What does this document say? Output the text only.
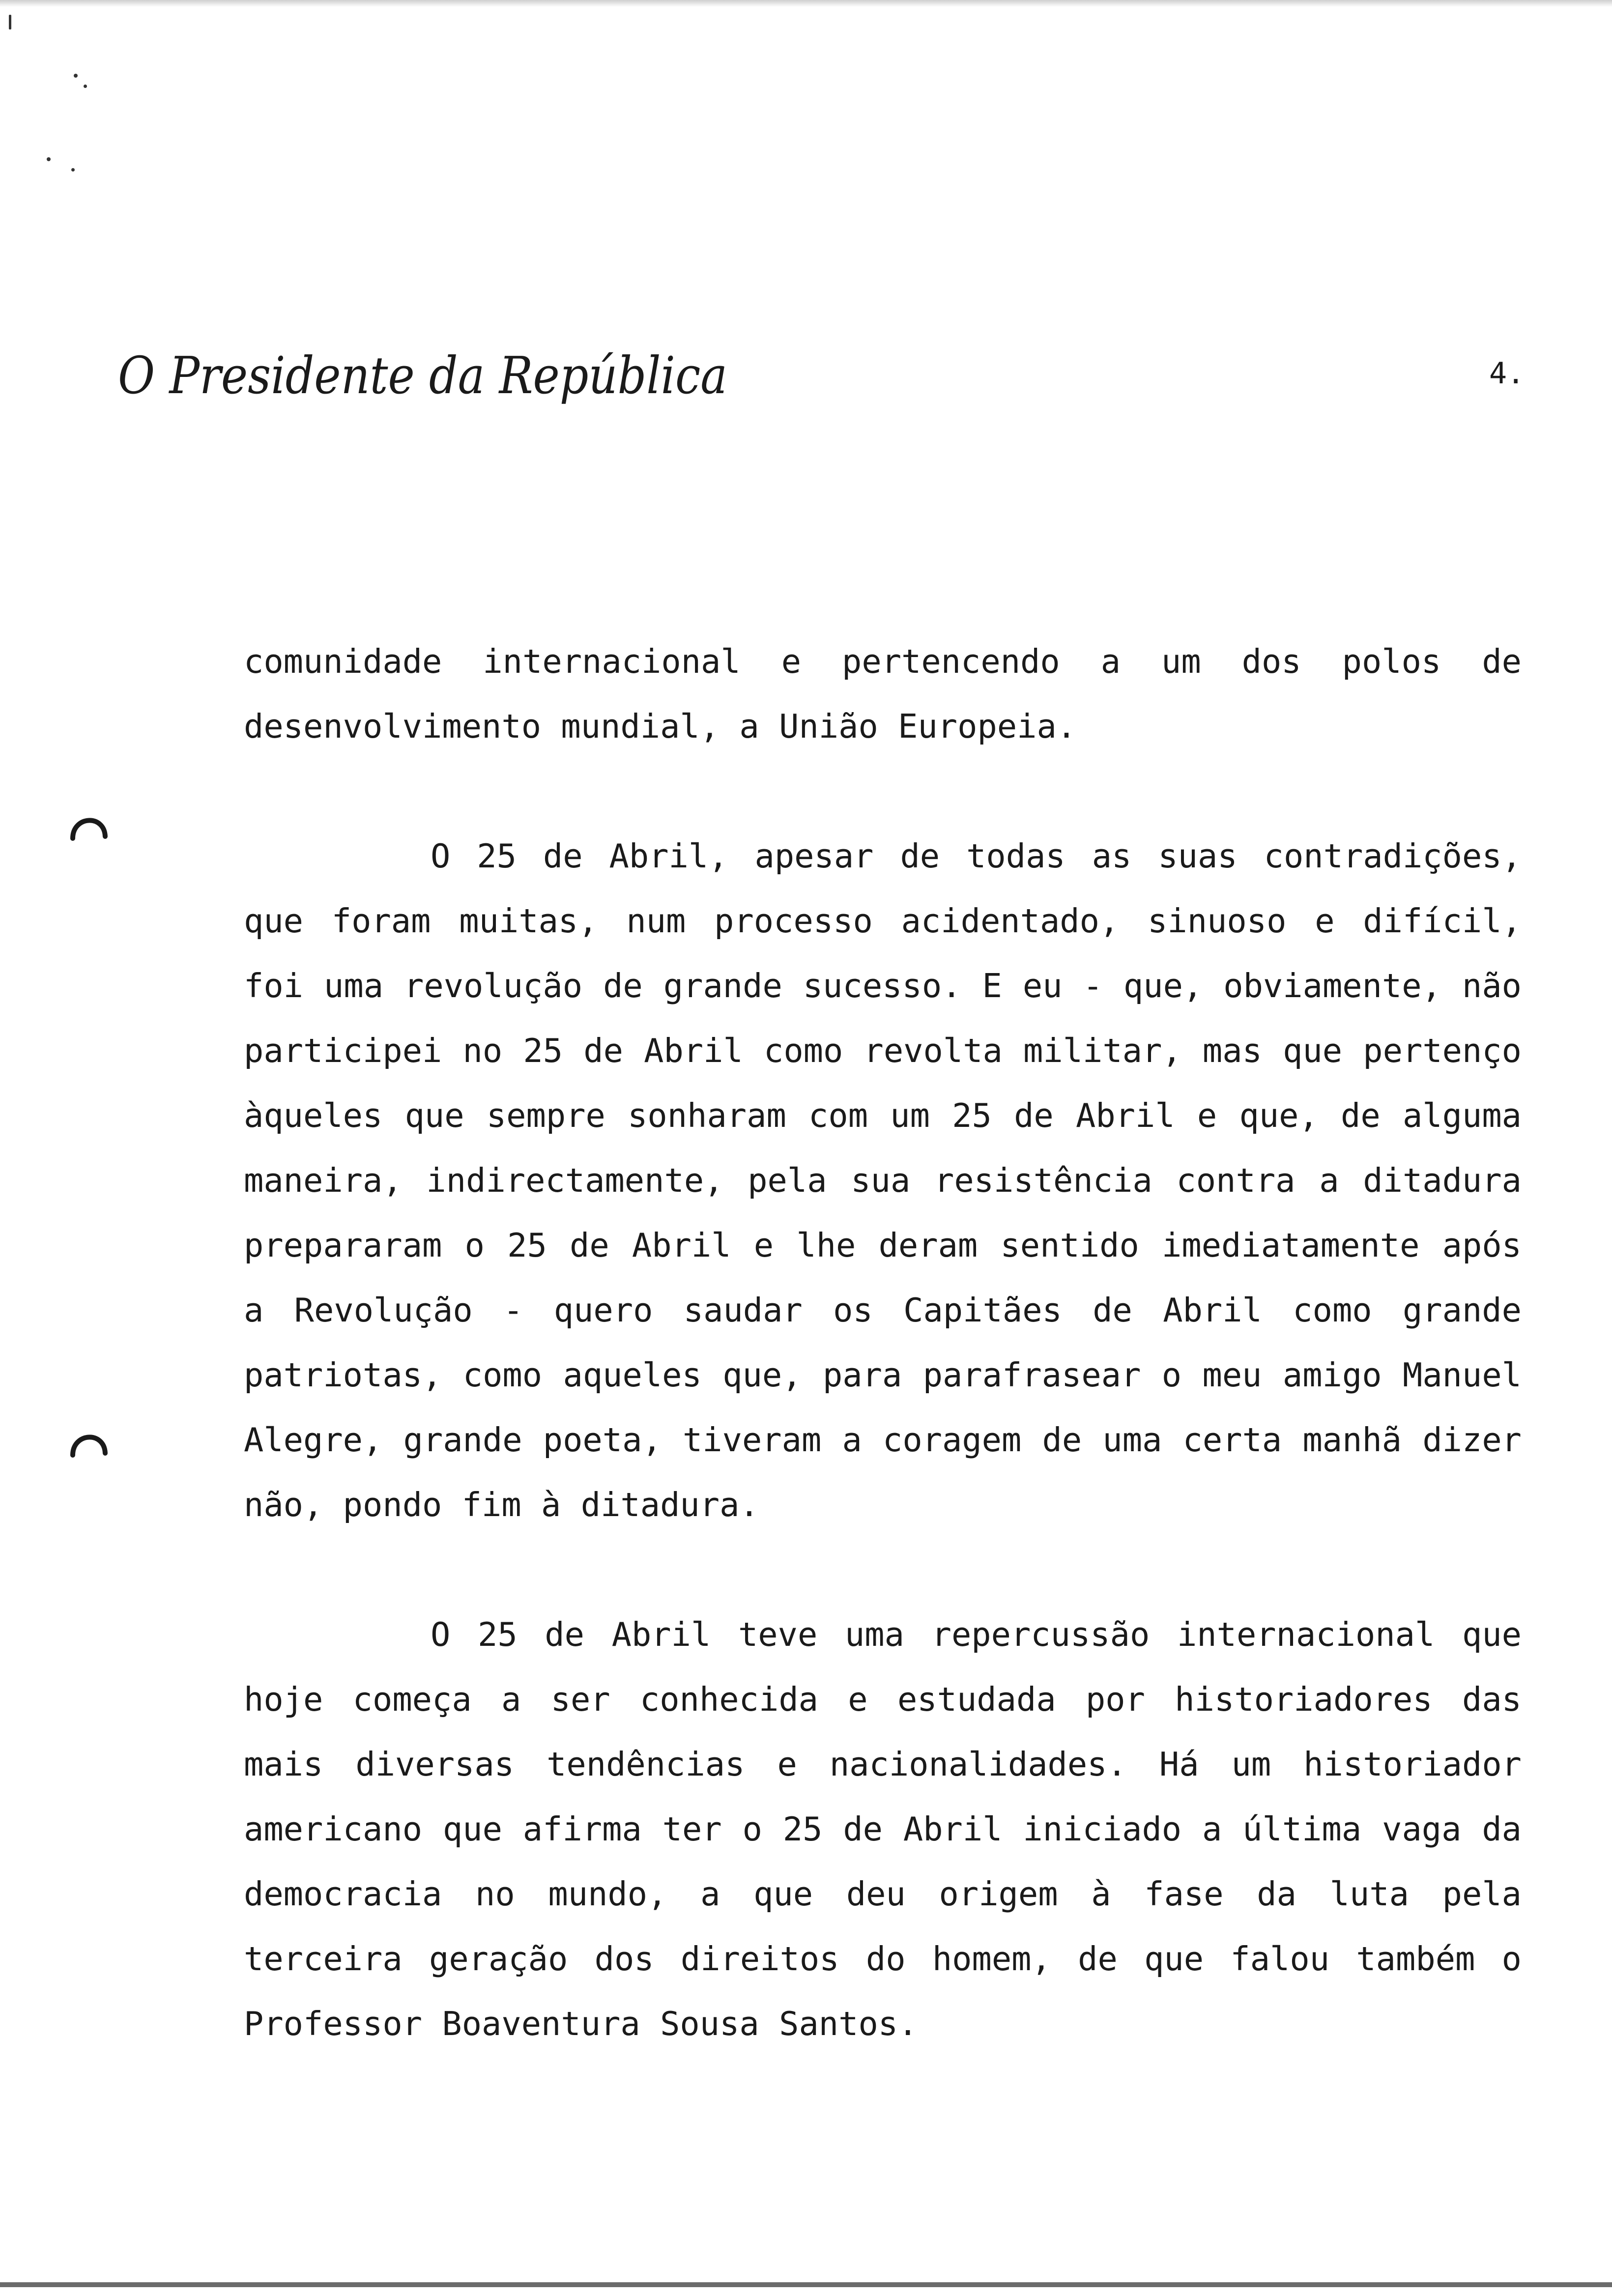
O Presidente da República	4.

comunidade internacional e pertencendo a um dos polos de desenvolvimento mundial, a União Europeia.

O 25 de Abril, apesar de todas as suas contradições, que foram muitas, num processo acidentado, sinuoso e difícil, foi uma revolução de grande sucesso. E eu - que, obviamente, não participei no 25 de Abril como revolta militar, mas que pertenço àqueles que sempre sonharam com um 25 de Abril e que, de alguma maneira, indirectamente, pela sua resistência contra a ditadura prepararam o 25 de Abril e lhe deram sentido imediatamente após a Revolução - quero saudar os Capitães de Abril como grande patriotas, como aqueles que, para parafrasear o meu amigo Manuel Alegre, grande poeta, tiveram a coragem de uma certa manhã dizer não, pondo fim à ditadura.

O 25 de Abril teve uma repercussão internacional que hoje começa a ser conhecida e estudada por historiadores das mais diversas tendências e nacionalidades. Há um historiador americano que afirma ter o 25 de Abril iniciado a última vaga da democracia no mundo, a que deu origem à fase da luta pela terceira geração dos direitos do homem, de que falou também o Professor Boaventura Sousa Santos.
